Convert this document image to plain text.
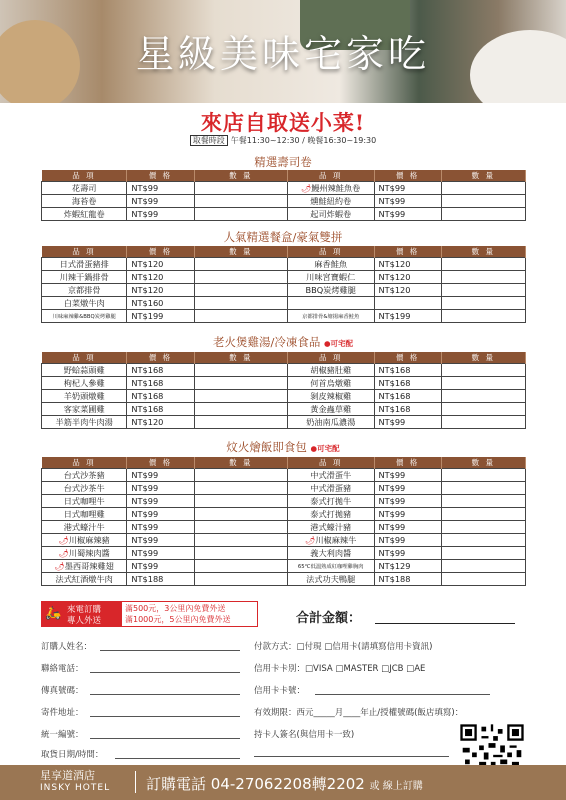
星級美味宅家吃
來店自取送小菜!
取餐時段 午餐11:30~12:30 / 晚餐16:30~19:30
精選壽司卷
品 項	價 格	數 量	品 項	價 格	數 量
花壽司	NT$99		🌶鰻州辣鮭魚卷	NT$99	
海苔卷	NT$99		燻鮭紐約卷	NT$99	
炸蝦紅龍卷	NT$99		起司炸蝦卷	NT$99	
人氣精選餐盒/豪氣雙拼
品 項	價 格	數 量	品 項	價 格	數 量
日式滑蛋豬排	NT$120		麻香鮭魚	NT$120	
川辣干鍋排骨	NT$120		川味宮寶蝦仁	NT$120	
京都排骨	NT$120		BBQ炭烤雞腿	NT$120	
白菜燉牛肉	NT$160				
川味麻辣雞&BBQ炭烤雞腿	NT$199		京都排骨&塘揚麻香鮭魚	NT$199	
老火煲雞湯/冷凍食品 ●可宅配
品 項	價 格	數 量	品 項	價 格	數 量
野蛤蒜頭雞	NT$168		胡椒豬肚雞	NT$168	
枸杞人參雞	NT$168		何首烏燉雞	NT$168	
羊奶頭燉雞	NT$168		剝皮辣椒雞	NT$168	
客家菜圃雞	NT$168		黃金蟲草雞	NT$168	
半筋半肉牛肉湯	NT$120		奶油南瓜濃湯	NT$99	
炆火燴飯即食包 ●可宅配
品 項	價 格	數 量	品 項	價 格	數 量
台式沙茶豬	NT$99		中式滑蛋牛	NT$99	
台式沙茶牛	NT$99		中式滑蛋豬	NT$99	
日式咖哩牛	NT$99		泰式打拋牛	NT$99	
日式咖哩雞	NT$99		泰式打拋豬	NT$99	
港式蠔汁牛	NT$99		港式蠔汁豬	NT$99	
🌶川椒麻辣豬	NT$99		🌶川椒麻辣牛	NT$99	
🌶川蜀辣肉醬	NT$99		義大利肉醬	NT$99	
🌶墨西哥辣雞翅	NT$99		65℃低溫熟成紅咖哩雞胸肉	NT$129	
法式紅酒燉牛肉	NT$188		法式功夫鴨腿	NT$188	
🛵 來電訂購
專人外送
滿500元，3公里內免費外送
滿1000元，5公里內免費外送	合計金額：
訂購人姓名：
聯絡電話：
傳真號碼：
寄件地址：
統一編號：
取貨日期/時間：
付款方式：□付現 □信用卡(請填寫信用卡資訊)
信用卡卡別：□VISA □MASTER □JCB □AE
信用卡卡號：
有效期限：西元_____月____年止/授權號碼(飯店填寫)：
持卡人簽名(與信用卡一致)
星享道酒店
INSKY HOTEL 訂購電話 04-27062208轉2202 或 線上訂購
